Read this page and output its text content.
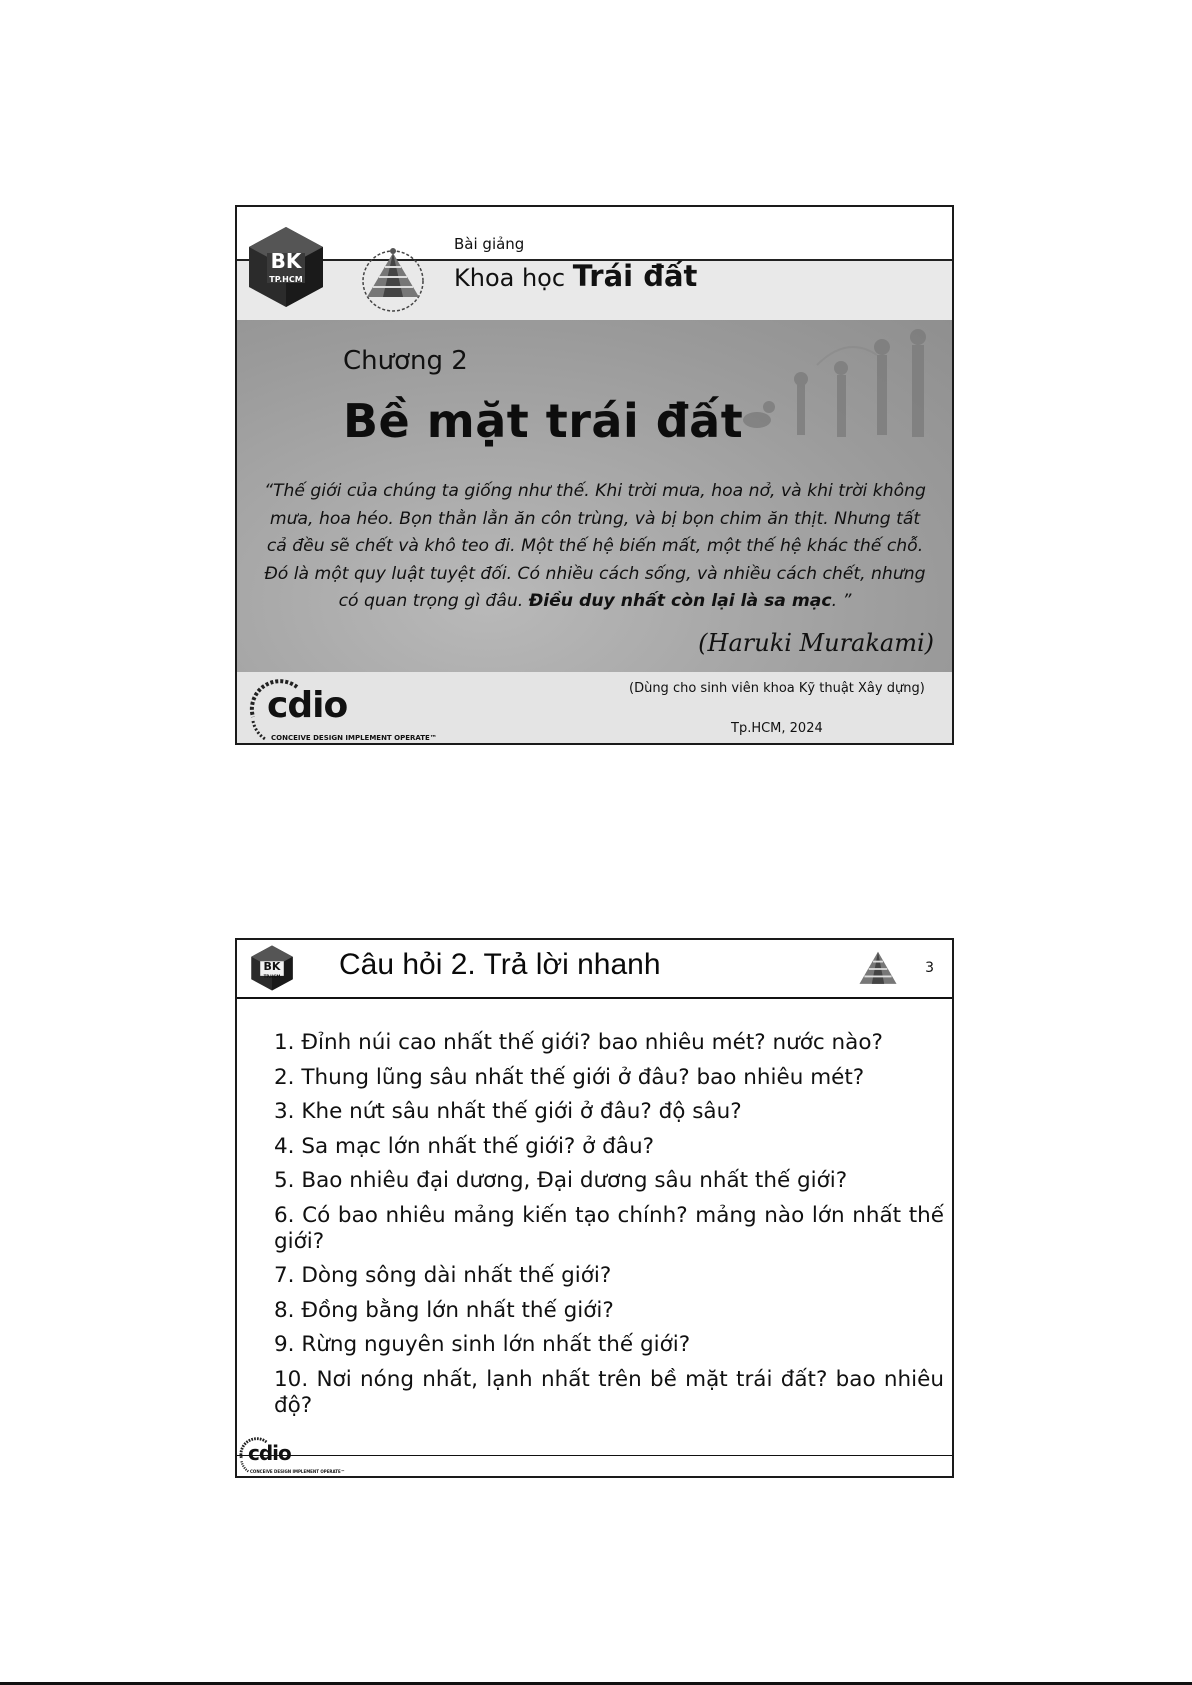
BK
TP.HCM
Bài giảng
Khoa học Trái đất
Chương 2
Bề mặt trái đất
“Thế giới của chúng ta giống như thế. Khi trời mưa, hoa nở, và khi trời không mưa, hoa héo. Bọn thằn lằn ăn côn trùng, và bị bọn chim ăn thịt. Nhưng tất cả đều sẽ chết và khô teo đi. Một thế hệ biến mất, một thế hệ khác thế chỗ. Đó là một quy luật tuyệt đối. Có nhiều cách sống, và nhiều cách chết, nhưng có quan trọng gì đâu. Điều duy nhất còn lại là sa mạc. ”
(Haruki Murakami)
cdio
CONCEIVE DESIGN IMPLEMENT OPERATE™
(Dùng cho sinh viên khoa Kỹ thuật Xây dựng)
Tp.HCM, 2024
BK
TP.HCM	Câu hỏi 2. Trả lời nhanh	3
1. Đỉnh núi cao nhất thế giới? bao nhiêu mét? nước nào?
2. Thung lũng sâu nhất thế giới ở đâu? bao nhiêu mét?
3. Khe nứt sâu nhất thế giới ở đâu? độ sâu?
4. Sa mạc lớn nhất thế giới? ở đâu?
5. Bao nhiêu đại dương, Đại dương sâu nhất thế giới?
6. Có bao nhiêu mảng kiến tạo chính? mảng nào lớn nhất thế giới?
7. Dòng sông dài nhất thế giới?
8. Đồng bằng lớn nhất thế giới?
9. Rừng nguyên sinh lớn nhất thế giới?
10. Nơi nóng nhất, lạnh nhất trên bề mặt trái đất? bao nhiêu độ?
cdio
CONCEIVE DESIGN IMPLEMENT OPERATE™
